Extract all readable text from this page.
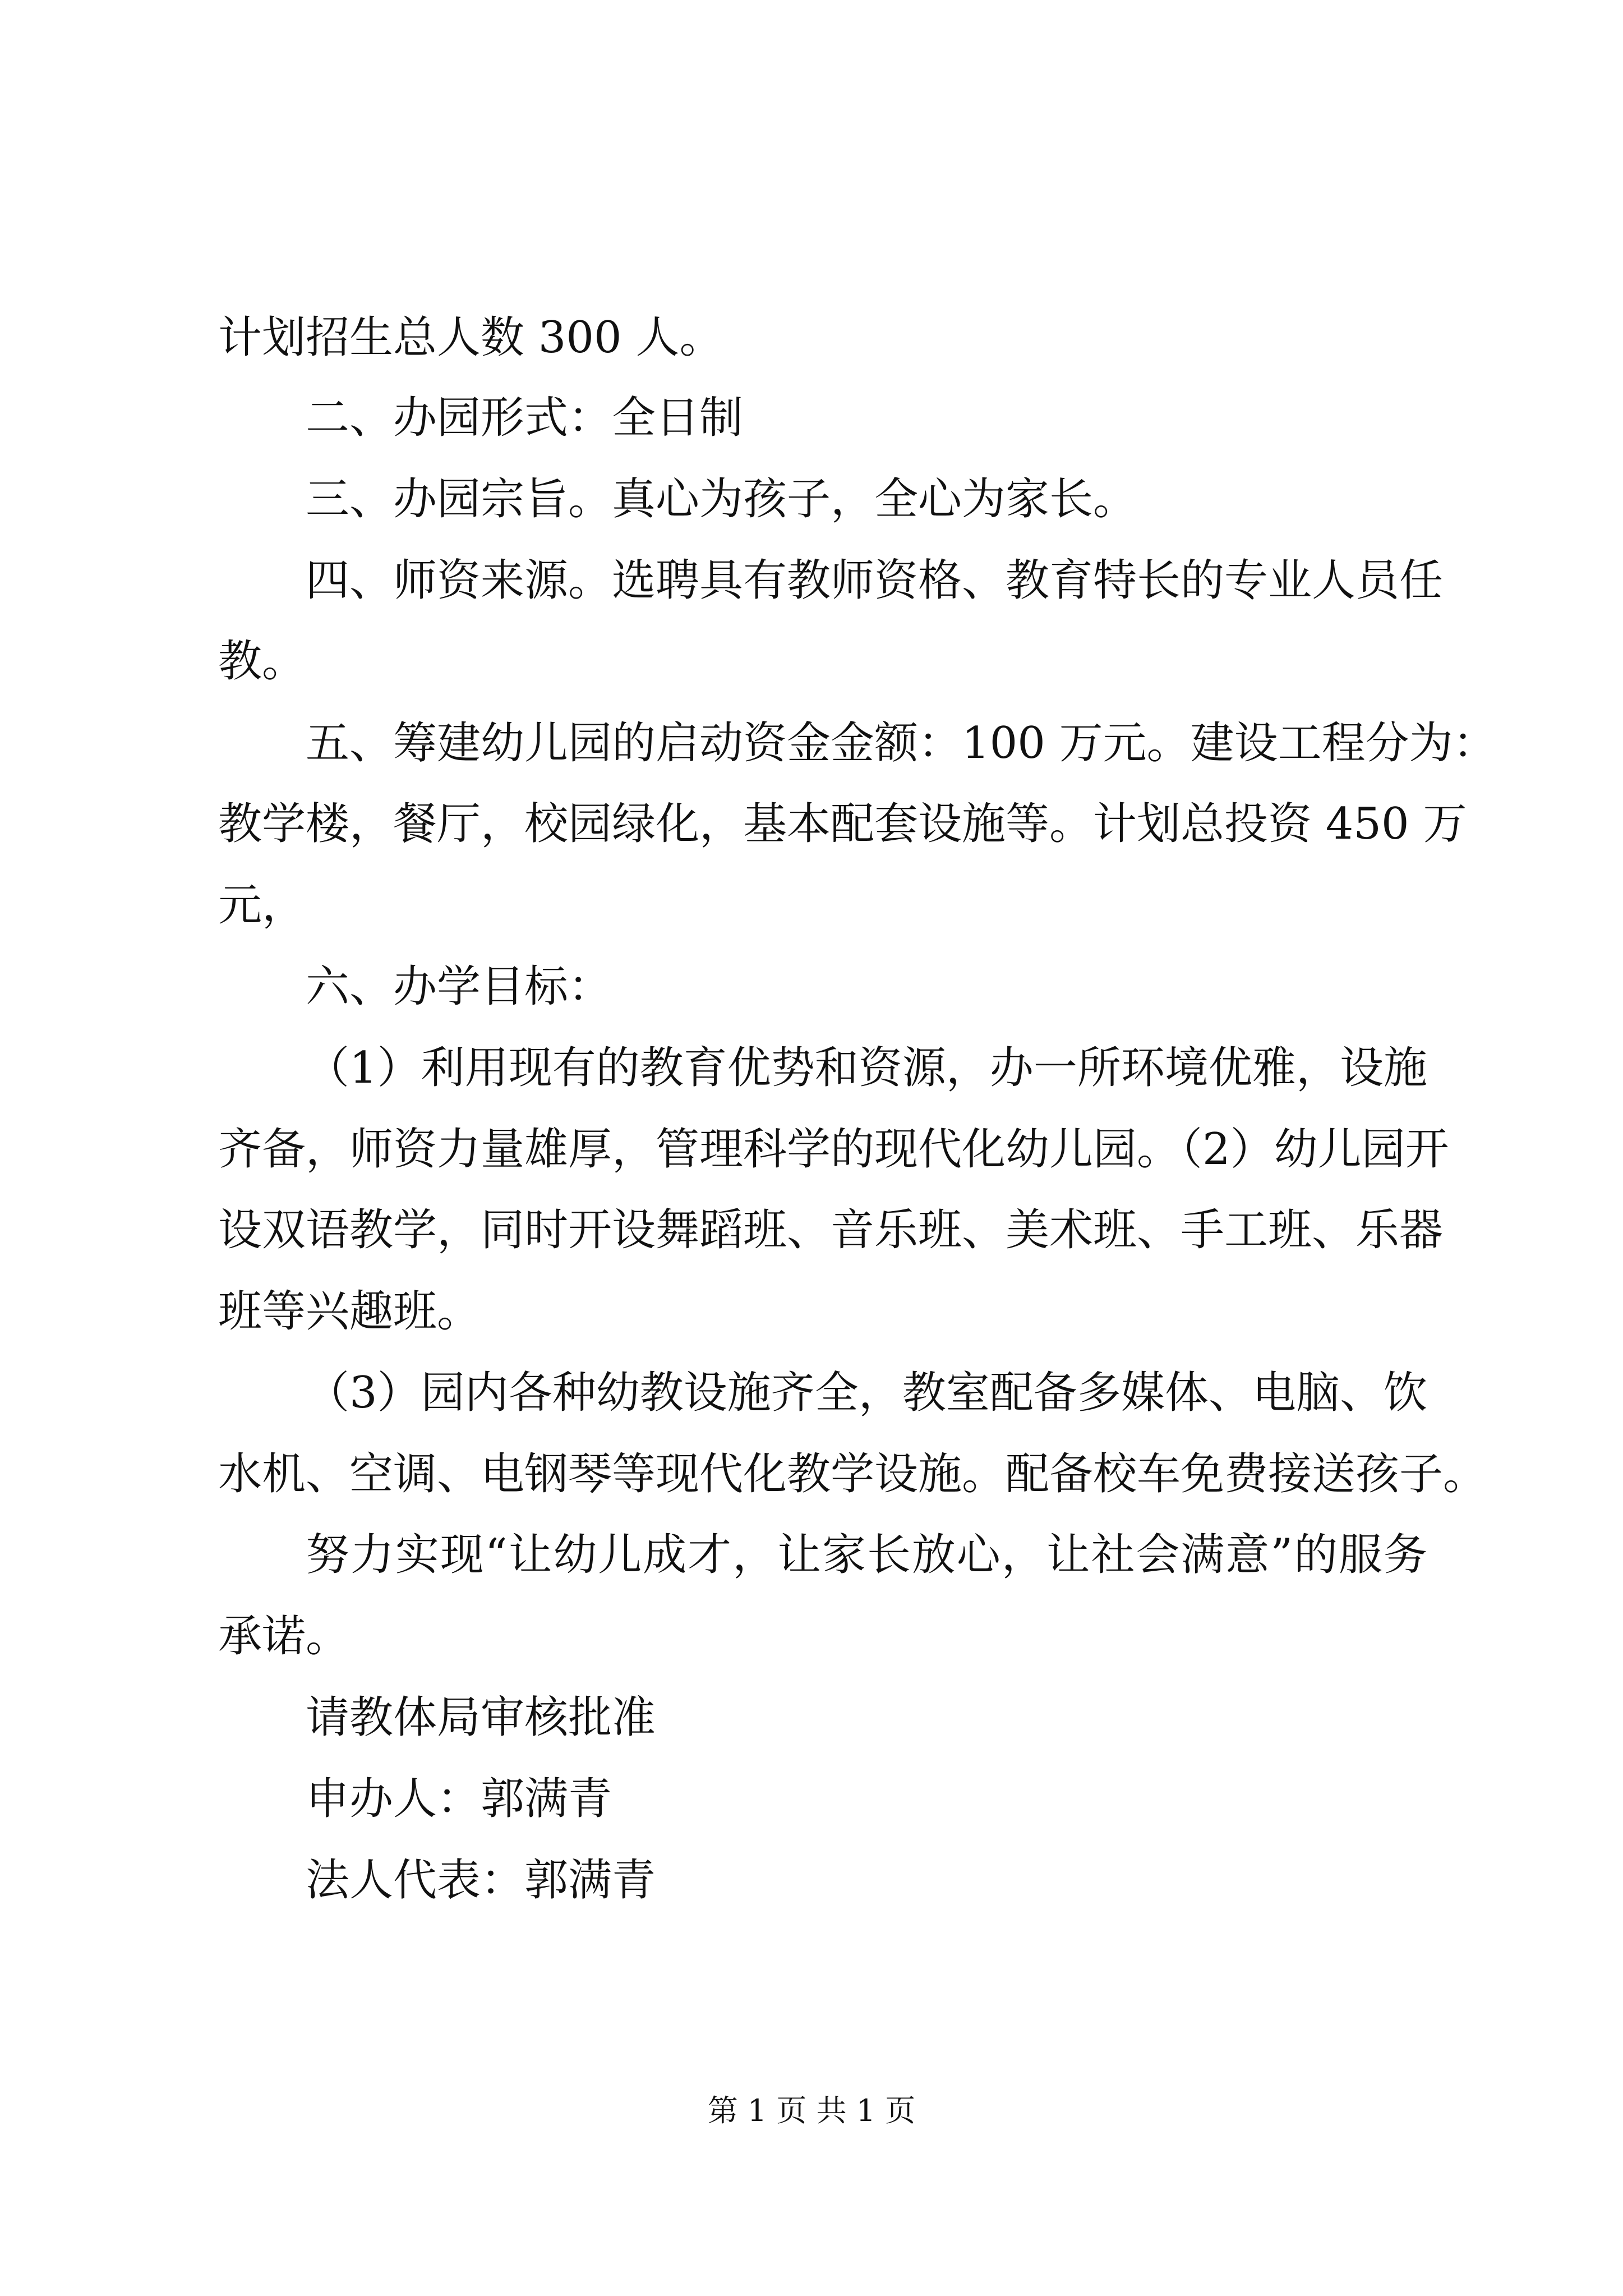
计划招生总人数 300 人。
二、办园形式：全日制
三、办园宗旨。真心为孩子，全心为家长。
四、师资来源。选聘具有教师资格、教育特长的专业人员任
教。
五、筹建幼儿园的启动资金金额：100 万元。建设工程分为：
教学楼，餐厅，校园绿化，基本配套设施等。计划总投资 450 万
元，
六、办学目标：
（1）利用现有的教育优势和资源，办一所环境优雅，设施
齐备，师资力量雄厚，管理科学的现代化幼儿园。（2）幼儿园开
设双语教学，同时开设舞蹈班、音乐班、美术班、手工班、乐器
班等兴趣班。
（3）园内各种幼教设施齐全，教室配备多媒体、电脑、饮
水机、空调、电钢琴等现代化教学设施。配备校车免费接送孩子。
努力实现“让幼儿成才，让家长放心，让社会满意”的服务
承诺。
请教体局审核批准
申办人：郭满青
法人代表：郭满青
第 1 页 共 1 页
